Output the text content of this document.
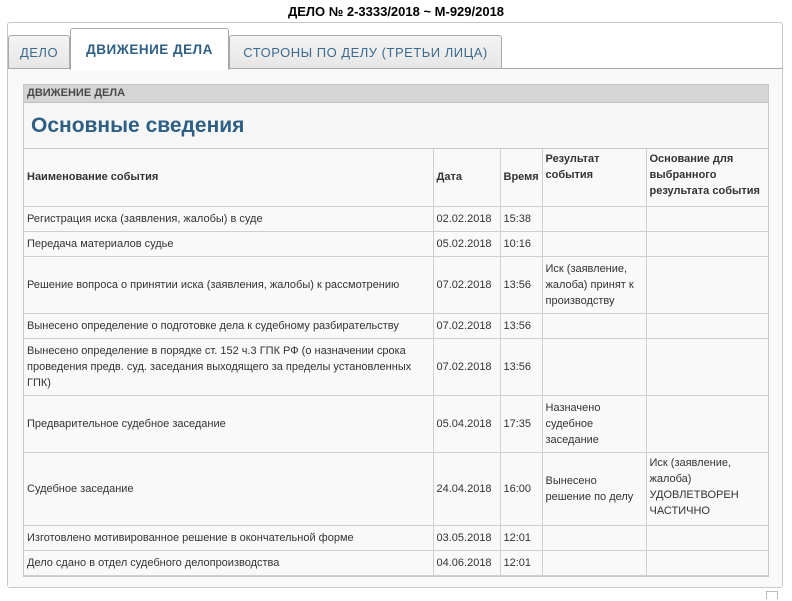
ДЕЛО № 2-3333/2018 ~ М-929/2018
ДЕЛО	ДВИЖЕНИЕ ДЕЛА	СТОРОНЫ ПО ДЕЛУ (ТРЕТЬИ ЛИЦА)
ДВИЖЕНИЕ ДЕЛА
Основные сведения
Наименование события	Дата	Время	Результат события	Основание для выбранного результата события
Регистрация иска (заявления, жалобы) в суде	02.02.2018	15:38		
Передача материалов судье	05.02.2018	10:16		
Решение вопроса о принятии иска (заявления, жалобы) к рассмотрению	07.02.2018	13:56	Иск (заявление, жалоба) принят к производству	
Вынесено определение о подготовке дела к судебному разбирательству	07.02.2018	13:56		
Вынесено определение в порядке ст. 152 ч.3 ГПК РФ (о назначении срока проведения предв. суд. заседания выходящего за пределы установленных ГПК)	07.02.2018	13:56		
Предварительное судебное заседание	05.04.2018	17:35	Назначено судебное заседание	
Судебное заседание	24.04.2018	16:00	Вынесено решение по делу	Иск (заявление, жалоба) УДОВЛЕТВОРЕН ЧАСТИЧНО
Изготовлено мотивированное решение в окончательной форме	03.05.2018	12:01		
Дело сдано в отдел судебного делопроизводства	04.06.2018	12:01		
